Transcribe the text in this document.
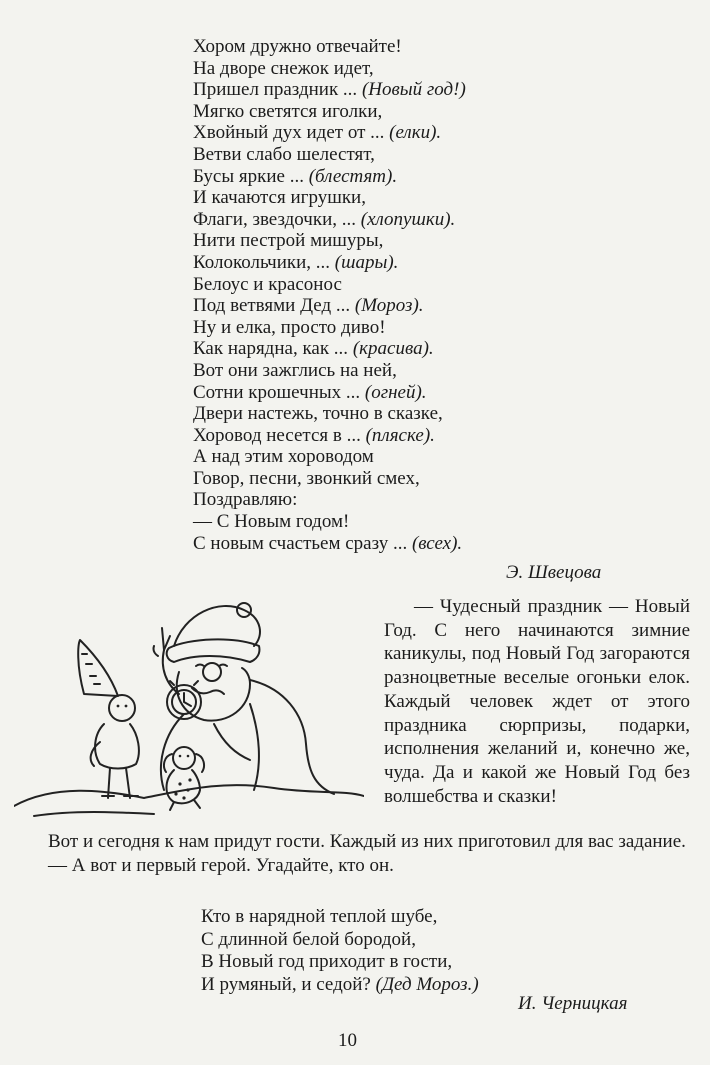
Хором дружно отвечайте!
На дворе снежок идет,
Пришел праздник ... (Новый год!)
Мягко светятся иголки,
Хвойный дух идет от ... (елки).
Ветви слабо шелестят,
Бусы яркие ... (блестят).
И качаются игрушки,
Флаги, звездочки, ... (хлопушки).
Нити пестрой мишуры,
Колокольчики, ... (шары).
Белоус и красонос
Под ветвями Дед ... (Мороз).
Ну и елка, просто диво!
Как нарядна, как ... (красива).
Вот они зажглись на ней,
Сотни крошечных ... (огней).
Двери настежь, точно в сказке,
Хоровод несется в ... (пляске).
А над этим хороводом
Говор, песни, звонкий смех,
Поздравляю:
— С Новым годом!
С новым счастьем сразу ... (всех).
Э. Швецова

— Чудесный праздник — Новый Год. С него начинаются зимние каникулы, под Новый Год загораются разноцветные веселые огоньки елок. Каждый человек ждет от этого праздника сюрпризы, подарки, исполнения желаний и, конечно же, чуда. Да и какой же Новый Год без волшебства и сказки!

Вот и сегодня к нам придут гости. Каждый из них приготовил для вас задание.

— А вот и первый герой. Угадайте, кто он.

Кто в нарядной теплой шубе,
С длинной белой бородой,
В Новый год приходит в гости,
И румяный, и седой? (Дед Мороз.)
И. Черницкая
10
